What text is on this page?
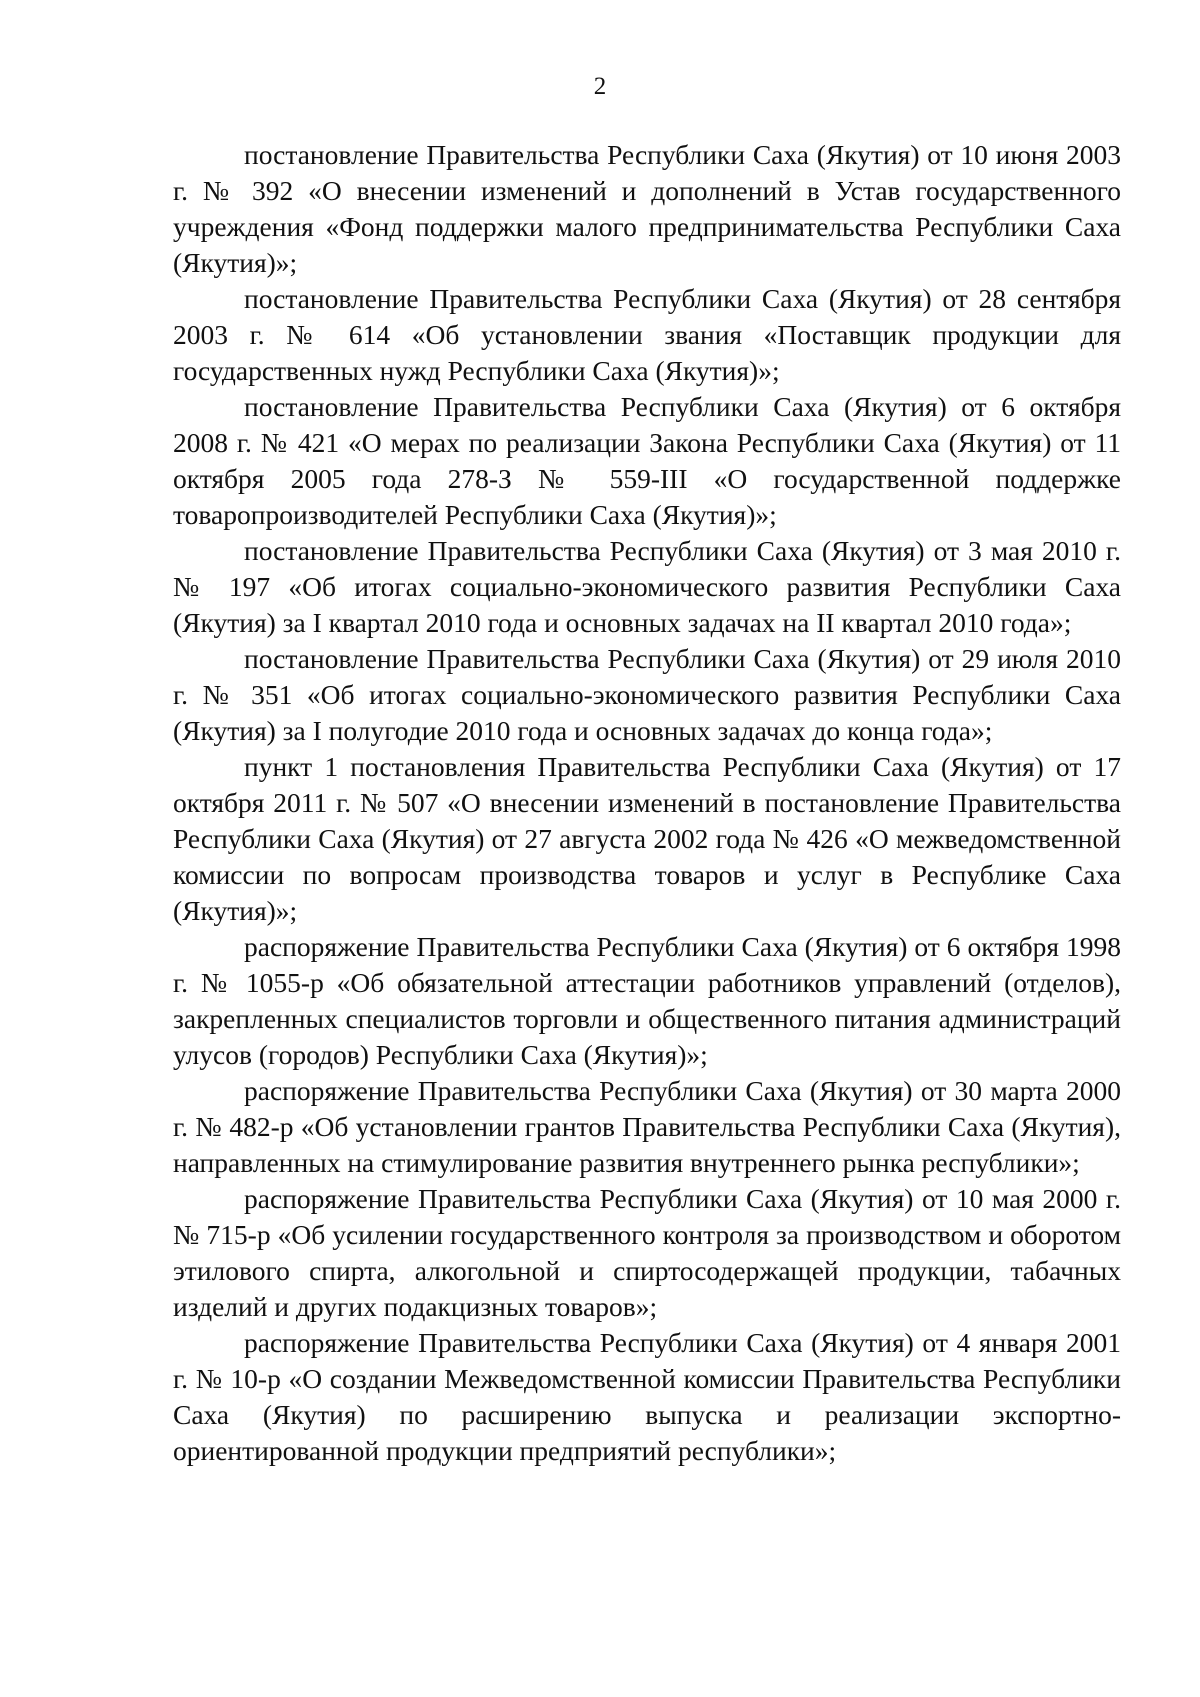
2

постановление Правительства Республики Саха (Якутия) от 10 июня 2003 г. № 392 «О внесении изменений и дополнений в Устав государственного учреждения «Фонд поддержки малого предпринимательства Республики Саха (Якутия)»;

постановление Правительства Республики Саха (Якутия) от 28 сентября 2003 г. № 614 «Об установлении звания «Поставщик продукции для государственных нужд Республики Саха (Якутия)»;

постановление Правительства Республики Саха (Якутия) от 6 октября 2008 г. № 421 «О мерах по реализации Закона Республики Саха (Якутия) от 11 октября 2005 года 278-З № 559-III «О государственной поддержке товаропроизводителей Республики Саха (Якутия)»;

постановление Правительства Республики Саха (Якутия) от 3 мая 2010 г. № 197 «Об итогах социально-экономического развития Республики Саха (Якутия) за I квартал 2010 года и основных задачах на II квартал 2010 года»;

постановление Правительства Республики Саха (Якутия) от 29 июля 2010 г. № 351 «Об итогах социально-экономического развития Республики Саха (Якутия) за I полугодие 2010 года и основных задачах до конца года»;

пункт 1 постановления Правительства Республики Саха (Якутия) от 17 октября 2011 г. № 507 «О внесении изменений в постановление Правительства Республики Саха (Якутия) от 27 августа 2002 года № 426 «О межведомственной комиссии по вопросам производства товаров и услуг в Республике Саха (Якутия)»;

распоряжение Правительства Республики Саха (Якутия) от 6 октября 1998 г. № 1055-р «Об обязательной аттестации работников управлений (отделов), закрепленных специалистов торговли и общественного питания администраций улусов (городов) Республики Саха (Якутия)»;

распоряжение Правительства Республики Саха (Якутия) от 30 марта 2000 г. № 482-р «Об установлении грантов Правительства Республики Саха (Якутия), направленных на стимулирование развития внутреннего рынка республики»;

распоряжение Правительства Республики Саха (Якутия) от 10 мая 2000 г. № 715-р «Об усилении государственного контроля за производством и оборотом этилового спирта, алкогольной и спиртосодержащей продукции, табачных изделий и других подакцизных товаров»;

распоряжение Правительства Республики Саха (Якутия) от 4 января 2001 г. № 10-р «О создании Межведомственной комиссии Правительства Республики Саха (Якутия) по расширению выпуска и реализации экспортно-ориентированной продукции предприятий республики»;
